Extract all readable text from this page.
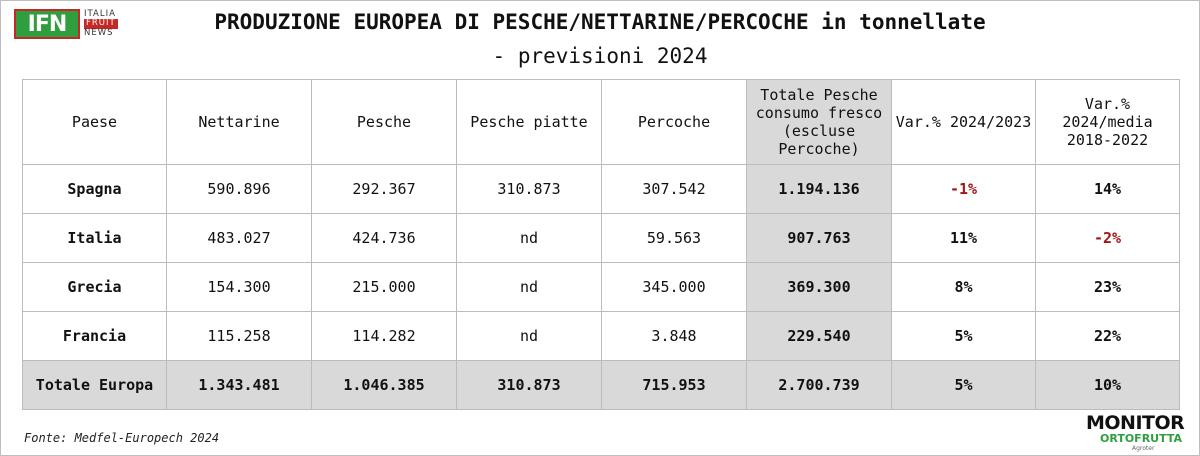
IFN	ITALIA
FRUIT
NEWS	PRODUZIONE EUROPEA DI PESCHE/NETTARINE/PERCOCHE in tonnellate
- previsioni 2024
Paese	Nettarine	Pesche	Pesche piatte	Percoche	Totale Pesche consumo fresco (escluse Percoche)	Var.% 2024/2023	Var.% 2024/media 2018-2022
Spagna	590.896	292.367	310.873	307.542	1.194.136	-1%	14%
Italia	483.027	424.736	nd	59.563	907.763	11%	-2%
Grecia	154.300	215.000	nd	345.000	369.300	8%	23%
Francia	115.258	114.282	nd	3.848	229.540	5%	22%
Totale Europa	1.343.481	1.046.385	310.873	715.953	2.700.739	5%	10%
Fonte: Medfel-Europech 2024
MONITOR
ORTOFRUTTA
Agroter
